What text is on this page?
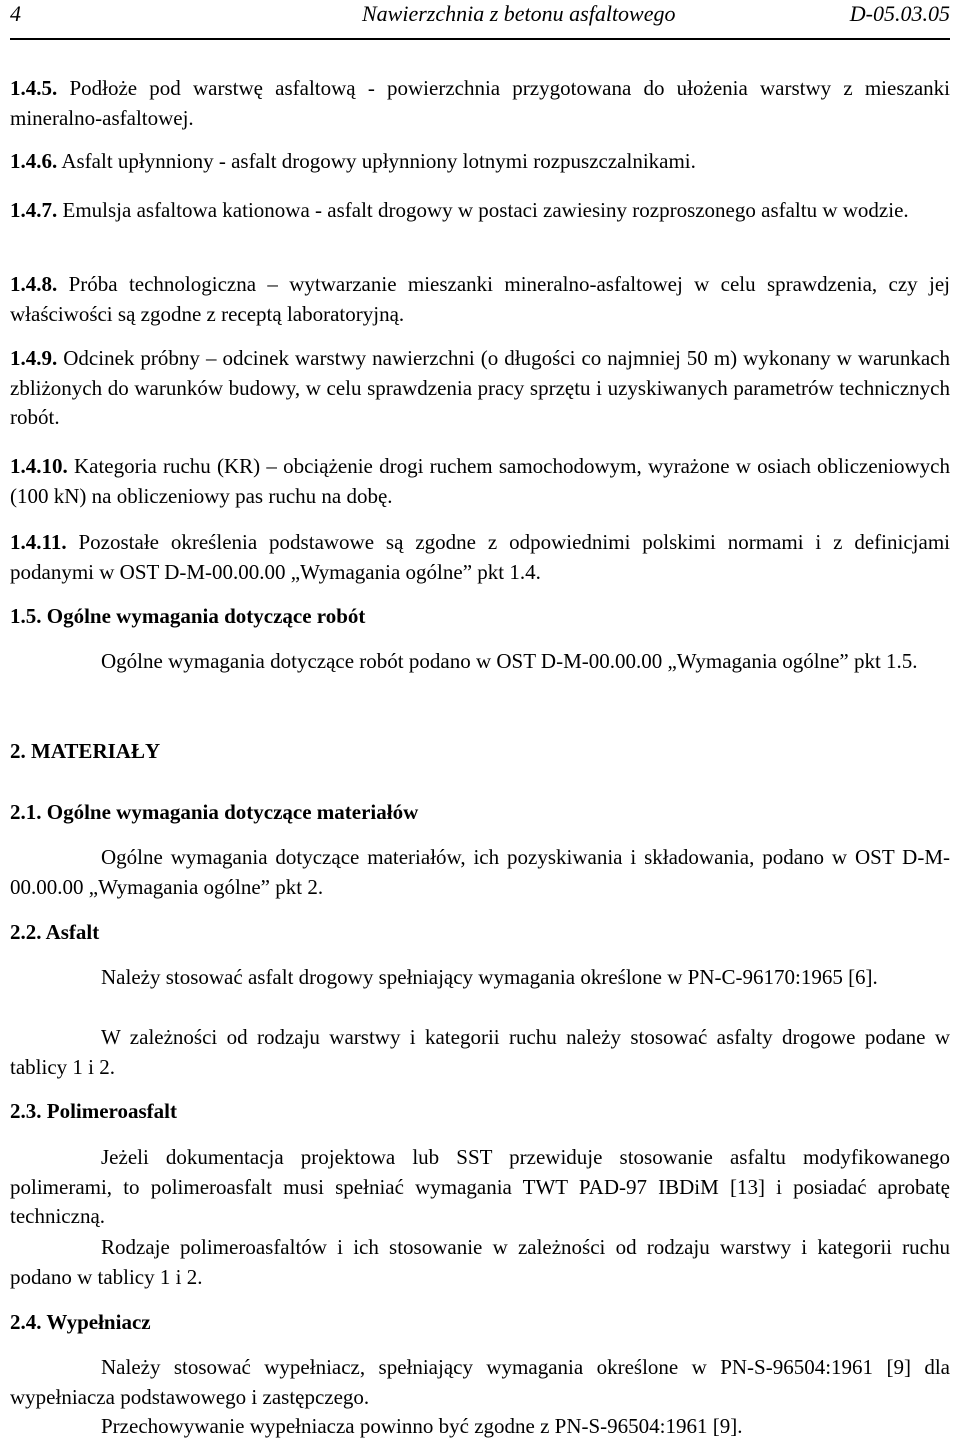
4	Nawierzchnia z betonu asfaltowego	D-05.03.05

1.4.5. Podłoże pod warstwę asfaltową - powierzchnia przygotowana do ułożenia warstwy z mieszanki mineralno-asfaltowej.

1.4.6. Asfalt upłynniony - asfalt drogowy upłynniony lotnymi rozpuszczalnikami.

1.4.7. Emulsja asfaltowa kationowa - asfalt drogowy w postaci zawiesiny rozproszonego asfaltu w wodzie.

1.4.8. Próba technologiczna – wytwarzanie mieszanki mineralno-asfaltowej w celu sprawdzenia, czy jej właściwości są zgodne z receptą laboratoryjną.

1.4.9. Odcinek próbny – odcinek warstwy nawierzchni (o długości co najmniej 50 m) wykonany w warunkach zbliżonych do warunków budowy, w celu sprawdzenia pracy sprzętu i uzyskiwanych parametrów technicznych robót.

1.4.10. Kategoria ruchu (KR) – obciążenie drogi ruchem samochodowym, wyrażone w osiach obliczeniowych (100 kN) na obliczeniowy pas ruchu na dobę.

1.4.11. Pozostałe określenia podstawowe są zgodne z odpowiednimi polskimi normami i z definicjami podanymi w OST D-M-00.00.00 „Wymagania ogólne” pkt 1.4.

1.5. Ogólne wymagania dotyczące robót

Ogólne wymagania dotyczące robót podano w OST D-M-00.00.00 „Wymagania ogólne” pkt 1.5.

2. MATERIAŁY

2.1. Ogólne wymagania dotyczące materiałów

Ogólne wymagania dotyczące materiałów, ich pozyskiwania i składowania, podano w OST D-M-00.00.00 „Wymagania ogólne” pkt 2.

2.2. Asfalt

Należy stosować asfalt drogowy spełniający wymagania określone w PN-C-96170:1965 [6].

W zależności od rodzaju warstwy i kategorii ruchu należy stosować asfalty drogowe podane w tablicy 1 i 2.

2.3. Polimeroasfalt

Jeżeli dokumentacja projektowa lub SST przewiduje stosowanie asfaltu modyfikowanego polimerami, to polimeroasfalt musi spełniać wymagania TWT PAD-97 IBDiM [13] i posiadać aprobatę techniczną.

Rodzaje polimeroasfaltów i ich stosowanie w zależności od rodzaju warstwy i kategorii ruchu podano w tablicy 1 i 2.

2.4. Wypełniacz

Należy stosować wypełniacz, spełniający wymagania określone w PN-S-96504:1961 [9] dla wypełniacza podstawowego i zastępczego.

Przechowywanie wypełniacza powinno być zgodne z PN-S-96504:1961 [9].
